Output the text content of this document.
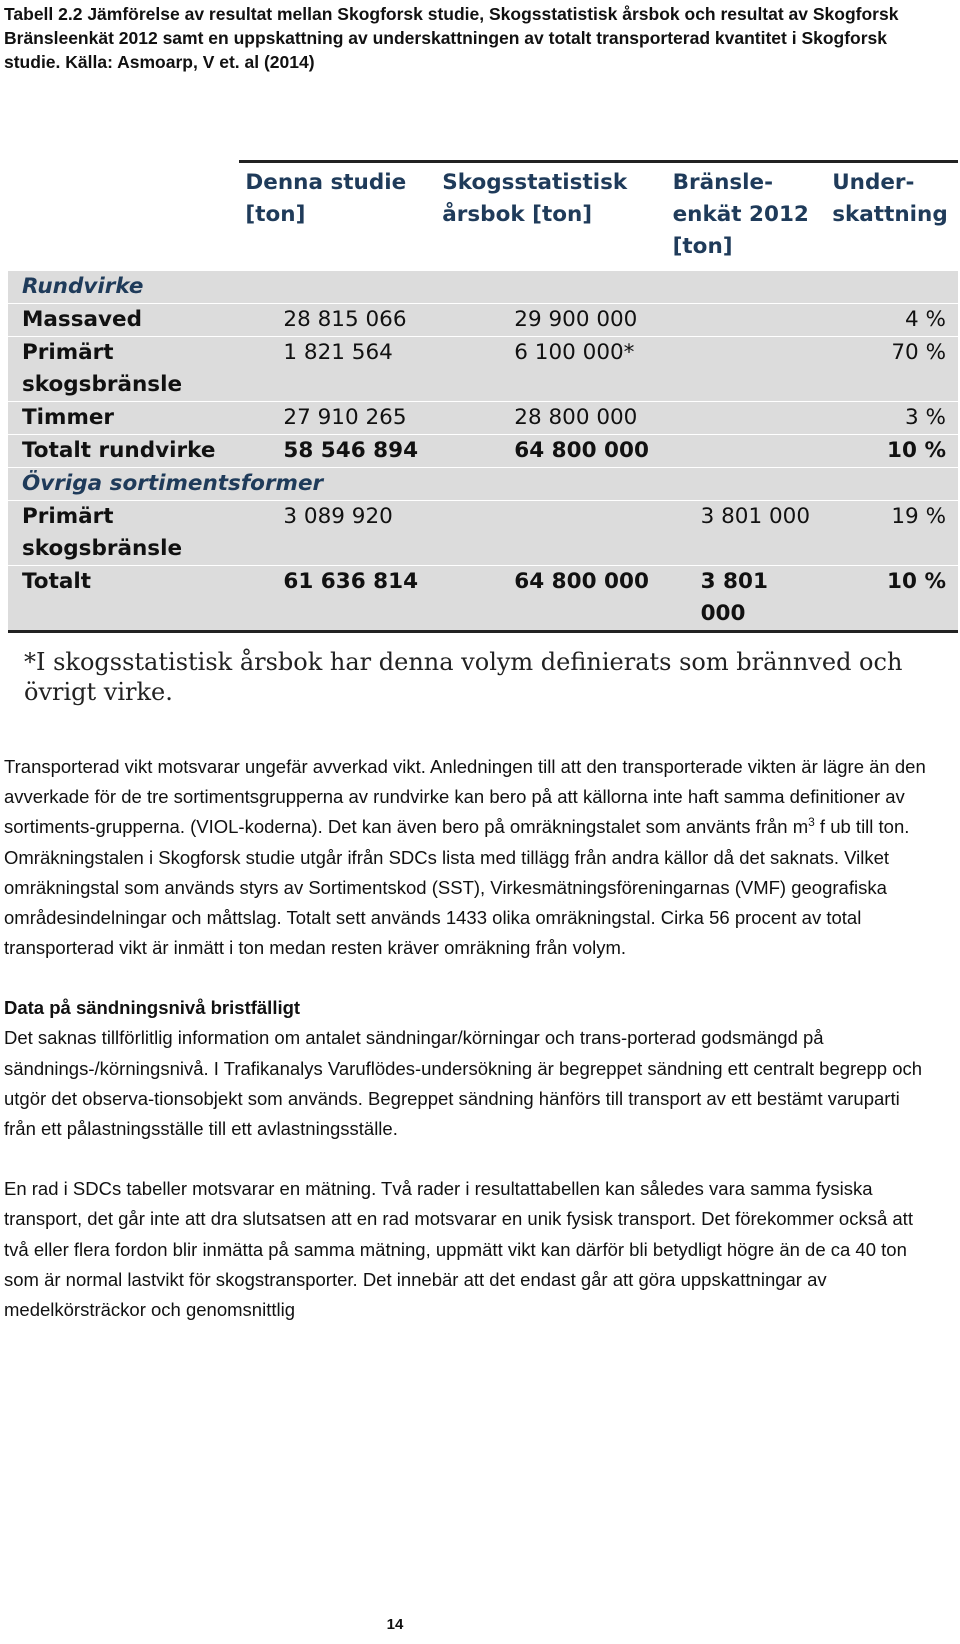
Tabell 2.2 Jämförelse av resultat mellan Skogforsk studie, Skogsstatistisk årsbok och resultat av Skogforsk Bränsleenkät 2012 samt en uppskattning av underskattningen av totalt transporterad kvantitet i Skogforsk studie. Källa: Asmoarp, V et. al (2014)

	Denna studie [ton]	Skogsstatistisk årsbok [ton]	Bränsle-enkät 2012 [ton]	Under-skattning
Rundvirke				
Massaved	28 815 066	29 900 000		4 %
Primärt skogsbränsle	1 821 564	6 100 000*		70 %
Timmer	27 910 265	28 800 000		3 %
Totalt rundvirke	58 546 894	64 800 000		10 %
Övriga sortimentsformer				
Primärt skogsbränsle	3 089 920		3 801 000	19 %
Totalt	61 636 814	64 800 000	3 801 000	10 %

*I skogsstatistisk årsbok har denna volym definierats som brännved och övrigt virke.

Transporterad vikt motsvarar ungefär avverkad vikt. Anledningen till att den transporterade vikten är lägre än den avverkade för de tre sortimentsgrupperna av rundvirke kan bero på att källorna inte haft samma definitioner av sortiments-grupperna. (VIOL-koderna). Det kan även bero på omräkningstalet som använts från $m^3$ f ub till ton. Omräkningstalen i Skogforsk studie utgår ifrån SDCs lista med tillägg från andra källor då det saknats. Vilket omräkningstal som används styrs av Sortimentskod (SST), Virkesmätningsföreningarnas (VMF) geografiska områdesindelningar och måttslag. Totalt sett används 1433 olika omräkningstal. Cirka 56 procent av total transporterad vikt är inmätt i ton medan resten kräver omräkning från volym.

Data på sändningsnivå bristfälligt

Det saknas tillförlitlig information om antalet sändningar/körningar och trans-porterad godsmängd på sändnings-/körningsnivå. I Trafikanalys Varuflödes-undersökning är begreppet sändning ett centralt begrepp och utgör det observa-tionsobjekt som används. Begreppet sändning hänförs till transport av ett bestämt varuparti från ett pålastningsställe till ett avlastningsställe.

En rad i SDCs tabeller motsvarar en mätning. Två rader i resultattabellen kan således vara samma fysiska transport, det går inte att dra slutsatsen att en rad motsvarar en unik fysisk transport. Det förekommer också att två eller flera fordon blir inmätta på samma mätning, uppmätt vikt kan därför bli betydligt högre än de ca 40 ton som är normal lastvikt för skogstransporter. Det innebär att det endast går att göra uppskattningar av medelkörsträckor och genomsnittlig

14
